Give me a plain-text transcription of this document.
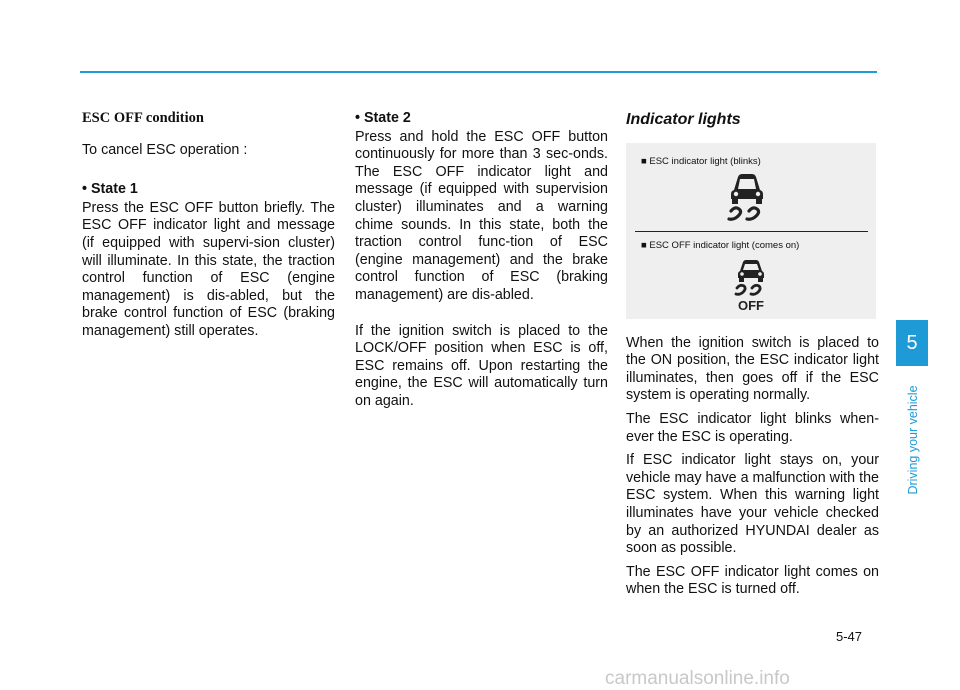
ESC OFF condition

To cancel ESC operation :

• State 1

Press the ESC OFF button briefly. The ESC OFF indicator light and message (if equipped with supervi-sion cluster) will illuminate. In this state, the traction control function of ESC (engine management) is dis-abled, but the brake control function of ESC (braking management) still operates.

• State 2

Press and hold the ESC OFF button continuously for more than 3 sec-onds. The ESC OFF indicator light and message (if equipped with supervision cluster) illuminates and a warning chime sounds. In this state, both the traction control func-tion of ESC (engine management) and the brake control function of ESC (braking management) are dis-abled.

If the ignition switch is placed to the LOCK/OFF position when ESC is off, ESC remains off. Upon restarting the engine, the ESC will automatically turn on again.

Indicator lights

■ ESC indicator light (blinks)
■ ESC OFF indicator light (comes on)
OFF

When the ignition switch is placed to the ON position, the ESC indicator light illuminates, then goes off if the ESC system is operating normally.

The ESC indicator light blinks when-ever the ESC is operating.

If ESC indicator light stays on, your vehicle may have a malfunction with the ESC system. When this warning light illuminates have your vehicle checked by an authorized HYUNDAI dealer as soon as possible.

The ESC OFF indicator light comes on when the ESC is turned off.

5
Driving your vehicle
5-47
carmanualsonline.info
